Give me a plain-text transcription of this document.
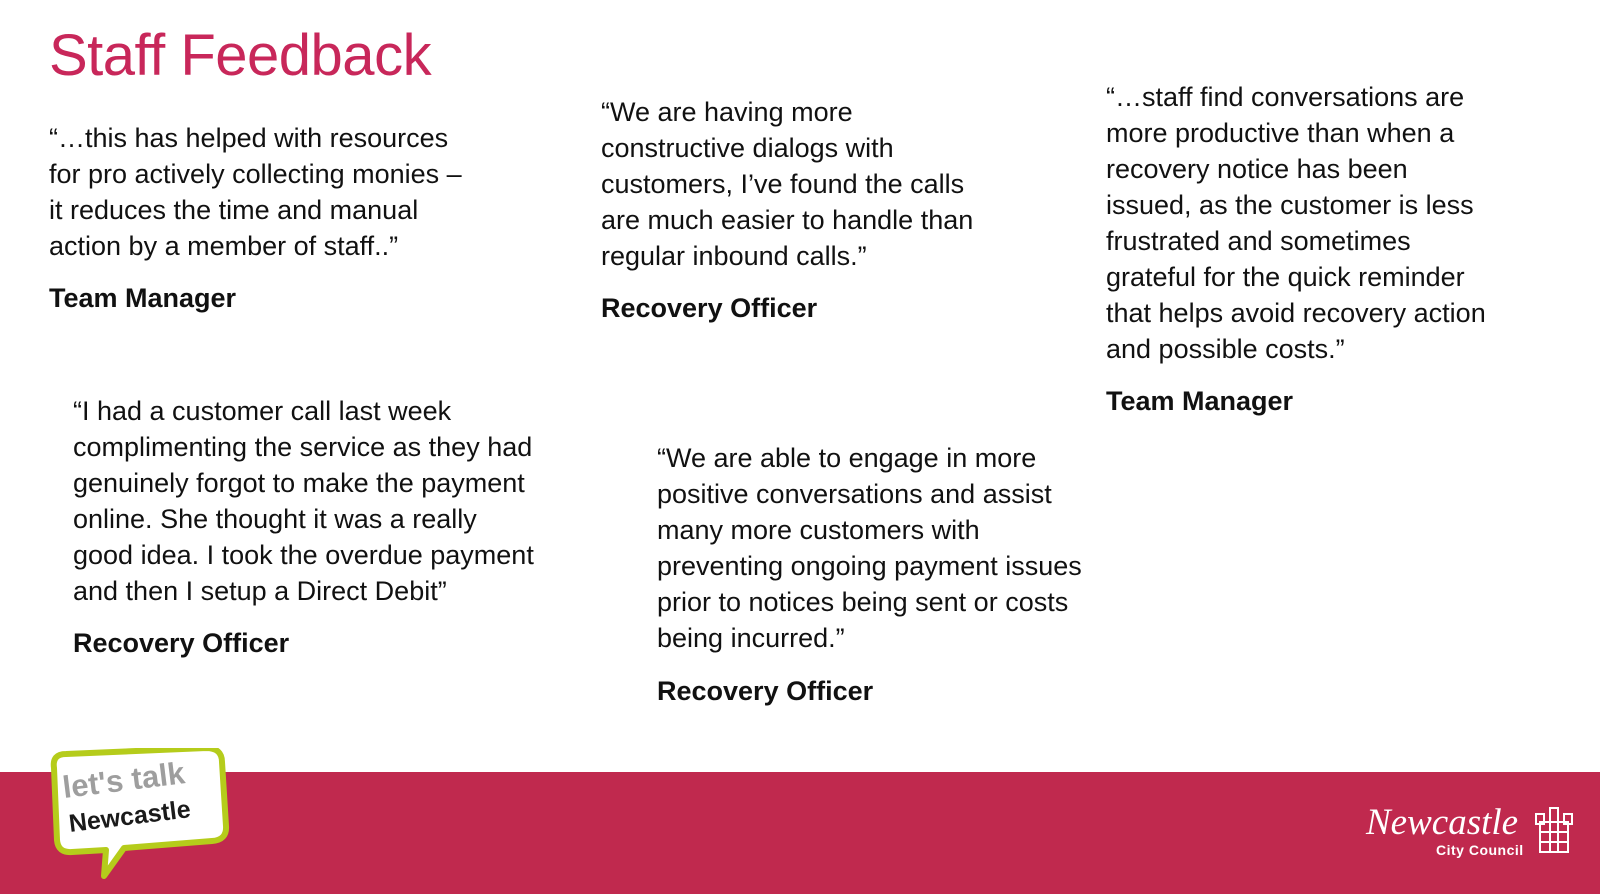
Staff Feedback

“…this has helped with resources
for pro actively collecting monies –
it reduces the time and manual
action by a member of staff..”

Team Manager

“We are having more
constructive dialogs with
customers, I’ve found the calls
are much easier to handle than
regular inbound calls.”

Recovery Officer

“…staff find conversations are
more productive than when a
recovery notice has been
issued, as the customer is less
frustrated and sometimes
grateful for the quick reminder
that helps avoid recovery action
and possible costs.”

Team Manager

“I had a customer call last week
complimenting the service as they had
genuinely forgot to make the payment
online. She thought it was a really
good idea. I took the overdue payment
and then I setup a Direct Debit”

Recovery Officer

“We are able to engage in more
positive conversations and assist
many more customers with
preventing ongoing payment issues
prior to notices being sent or costs
being incurred.”

Recovery Officer

let's talk
Newcastle	Newcastle
City Council
